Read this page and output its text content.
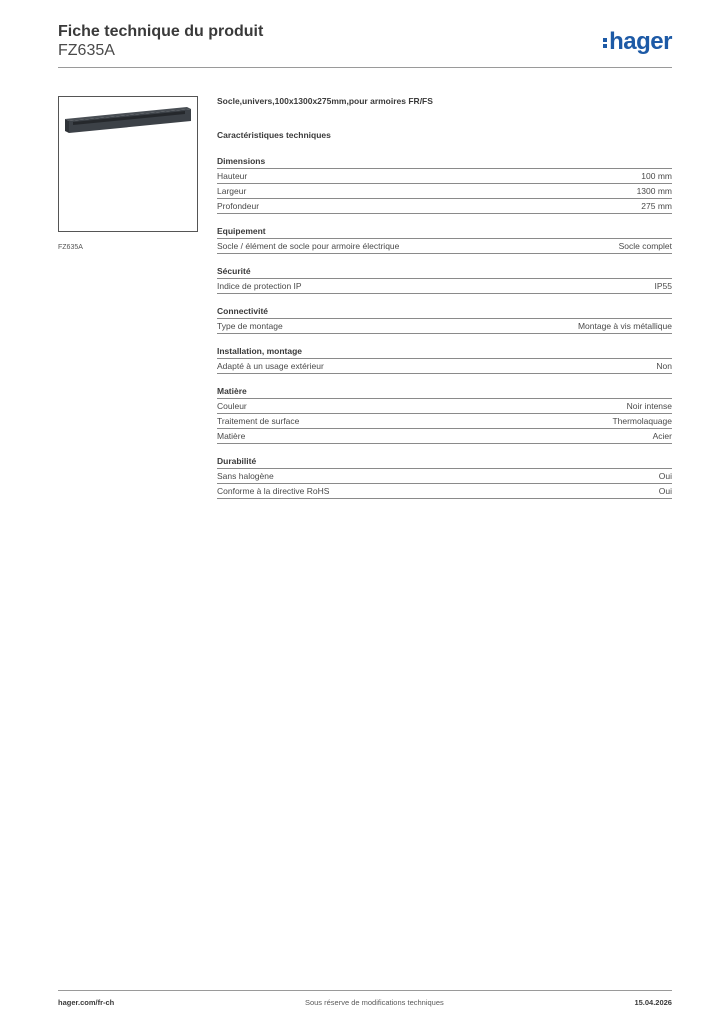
Fiche technique du produit
FZ635A	hager
FZ635A
Socle,univers,100x1300x275mm,pour armoires FR/FS
Caractéristiques techniques
Dimensions
Hauteur	100 mm
Largeur	1300 mm
Profondeur	275 mm
Equipement
Socle / élément de socle pour armoire électrique	Socle complet
Sécurité
Indice de protection IP	IP55
Connectivité
Type de montage	Montage à vis métallique
Installation, montage
Adapté à un usage extérieur	Non
Matière
Couleur	Noir intense
Traitement de surface	Thermolaquage
Matière	Acier
Durabilité
Sans halogène	Oui
Conforme à la directive RoHS	Oui
hager.com/fr-ch	Sous réserve de modifications techniques	15.04.2026
